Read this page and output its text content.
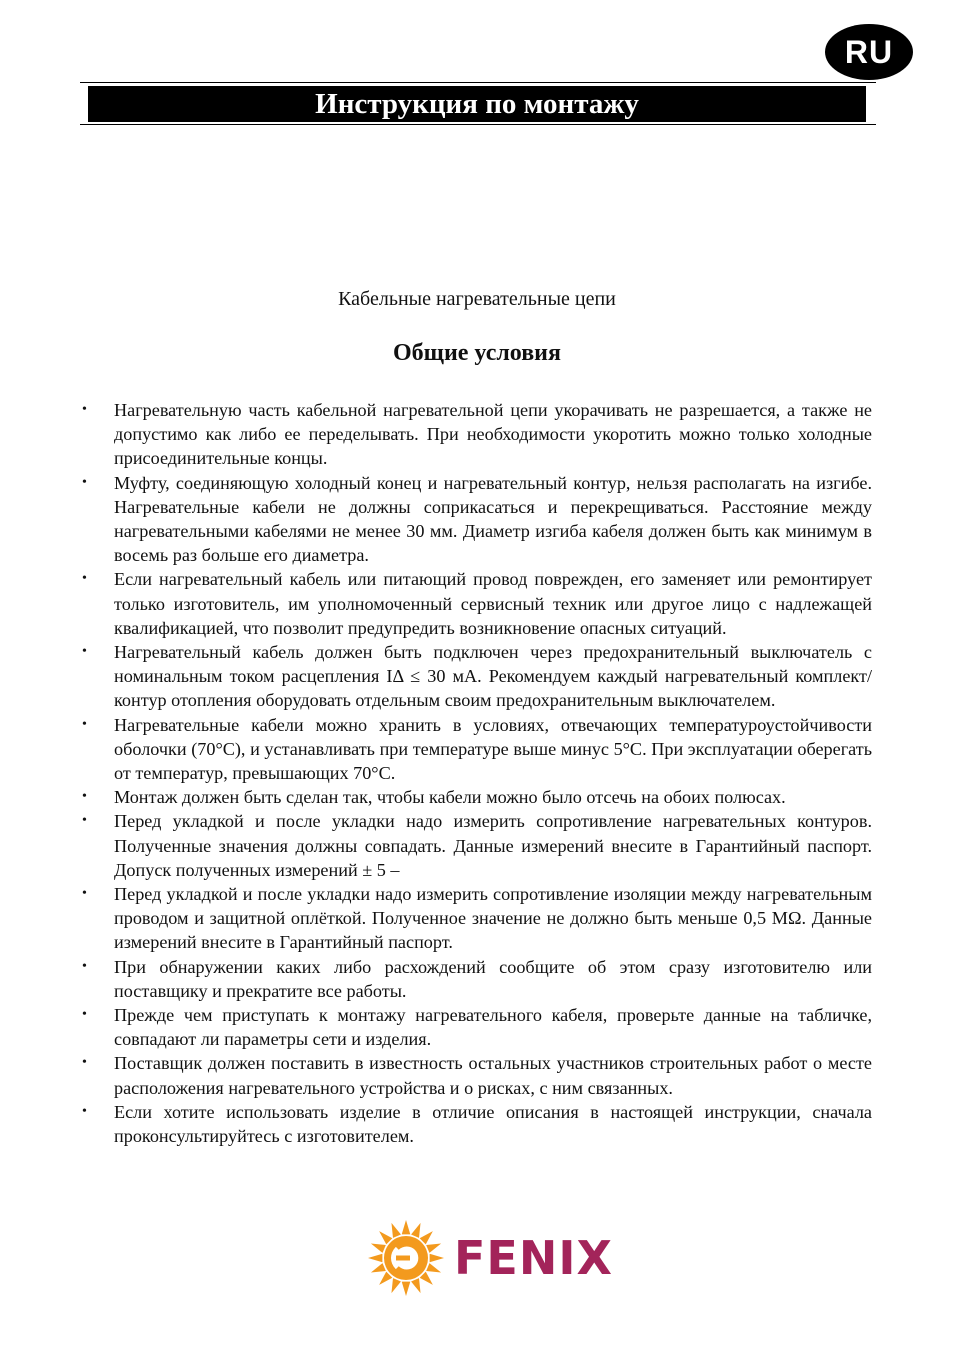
RU
Инструкция по монтажу
Кабельные нагревательные цепи
Общие условия
• Нагревательную часть кабельной нагревательной цепи укорачивать не разрешается, а также не допустимо как либо ее переделывать. При необходимости укоротить можно только холодные присоединительные концы.
• Муфту, соединяющую холодный конец и нагревательный контур, нельзя располагать на изгибе. Нагревательные кабели не должны соприкасаться и перекрещиваться. Расстояние между нагревательными кабелями не менее 30 мм. Диаметр изгиба кабеля должен быть как минимум в восемь раз больше его диаметра.
• Если нагревательный кабель или питающий провод поврежден, его заменяет или ремонтирует только изготовитель, им уполномоченный сервисный техник или другое лицо с надлежащей квалификацией, что позволит предупредить возникновение опасных ситуаций.
• Нагревательный кабель должен быть подключен через предохранительный выключатель с номинальным током расцепления IΔ ≤ 30 мА. Рекомендуем каждый нагревательный комплект/контур отопления оборудовать отдельным своим предохранительным выключателем.
• Нагревательные кабели можно хранить в условиях, отвечающих температуроустойчивости оболочки (70°C), и устанавливать при температуре выше минус 5°C. При эксплуатации оберегать от температур, превышающих 70°C.
• Монтаж должен быть сделан так, чтобы кабели можно было отсечь на обоих полюсах.
• Перед укладкой и после укладки надо измерить сопротивление нагревательных контуров. Полученные значения должны совпадать. Данные измерений внесите в Гарантийный паспорт. Допуск полученных измерений ± 5 –
• Перед укладкой и после укладки надо измерить сопротивление изоляции между нагревательным проводом и защитной оплёткой. Полученное значение не должно быть меньше 0,5 MΩ. Данные измерений внесите в Гарантийный паспорт.
• При обнаружении каких либо расхождений сообщите об этом сразу изготовителю или поставщику и прекратите все работы.
• Прежде чем приступать к монтажу нагревательного кабеля, проверьте данные на табличке, совпадают ли параметры сети и изделия.
• Поставщик должен поставить в известность остальных участников строительных работ о месте расположения нагревательного устройства и о рисках, с ним связанных.
• Если хотите использовать изделие в отличие описания в настоящей инструкции, сначала проконсультируйтесь с изготовителем.
FENIX
